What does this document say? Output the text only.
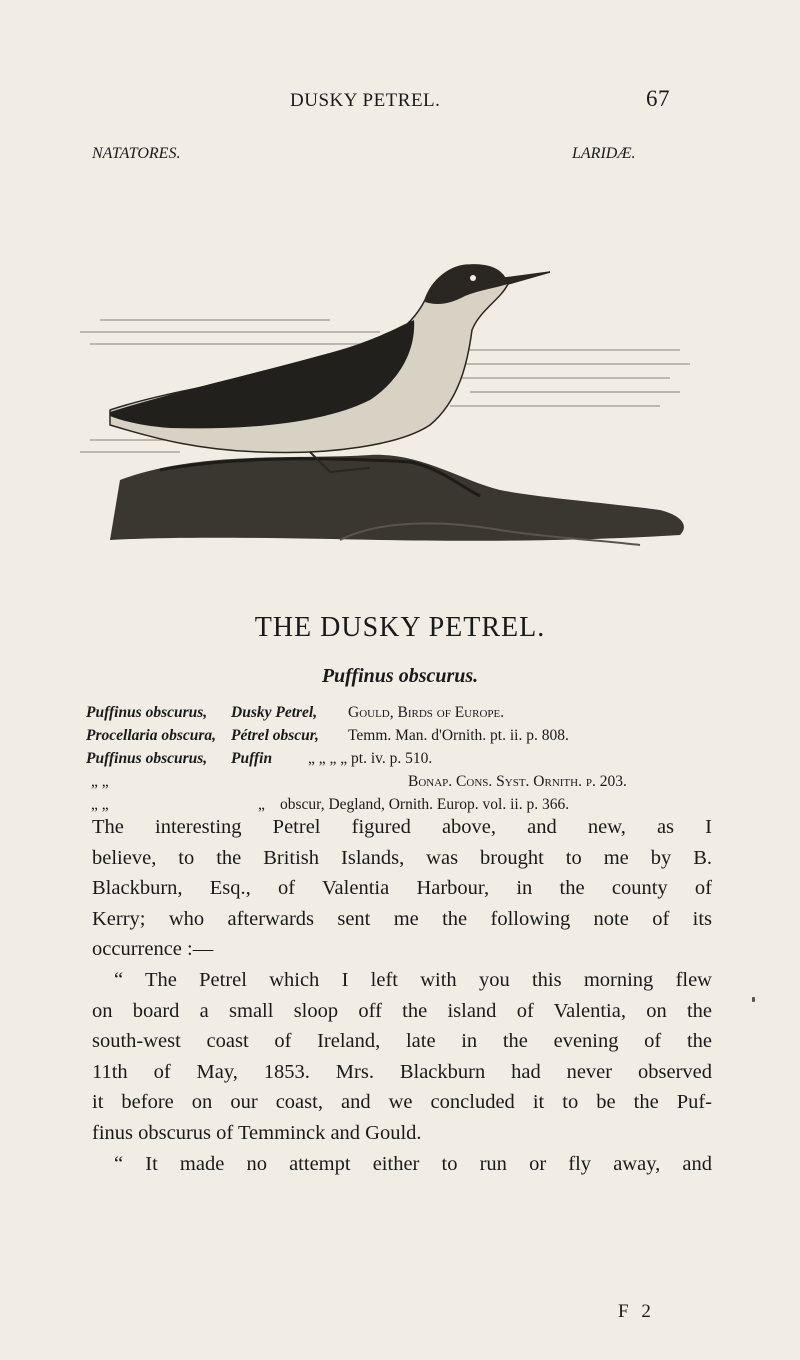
DUSKY PETREL.	67
NATATORES.	LARIDÆ.
THE DUSKY PETREL.
Puffinus obscurus.
Puffinus obscurus, Dusky Petrel, Gould, Birds of Europe.
Procellaria obscura, Pétrel obscur, Temm. Man. d'Ornith. pt. ii. p. 808.
Puffinus obscurus, Puffin „ „ „ „ pt. iv. p. 510.
„ „	Bonap. Cons. Syst. Ornith. p. 203.
„ „	„ obscur, Degland, Ornith. Europ. vol. ii. p. 366.
The interesting Petrel figured above, and new, as I
believe, to the British Islands, was brought to me by B.
Blackburn, Esq., of Valentia Harbour, in the county of
Kerry; who afterwards sent me the following note of its
occurrence :—
“ The Petrel which I left with you this morning flew
on board a small sloop off the island of Valentia, on the
south-west coast of Ireland, late in the evening of the
11th of May, 1853. Mrs. Blackburn had never observed
it before on our coast, and we concluded it to be the Puf-
finus obscurus of Temminck and Gould.
“ It made no attempt either to run or fly away, and
F 2
